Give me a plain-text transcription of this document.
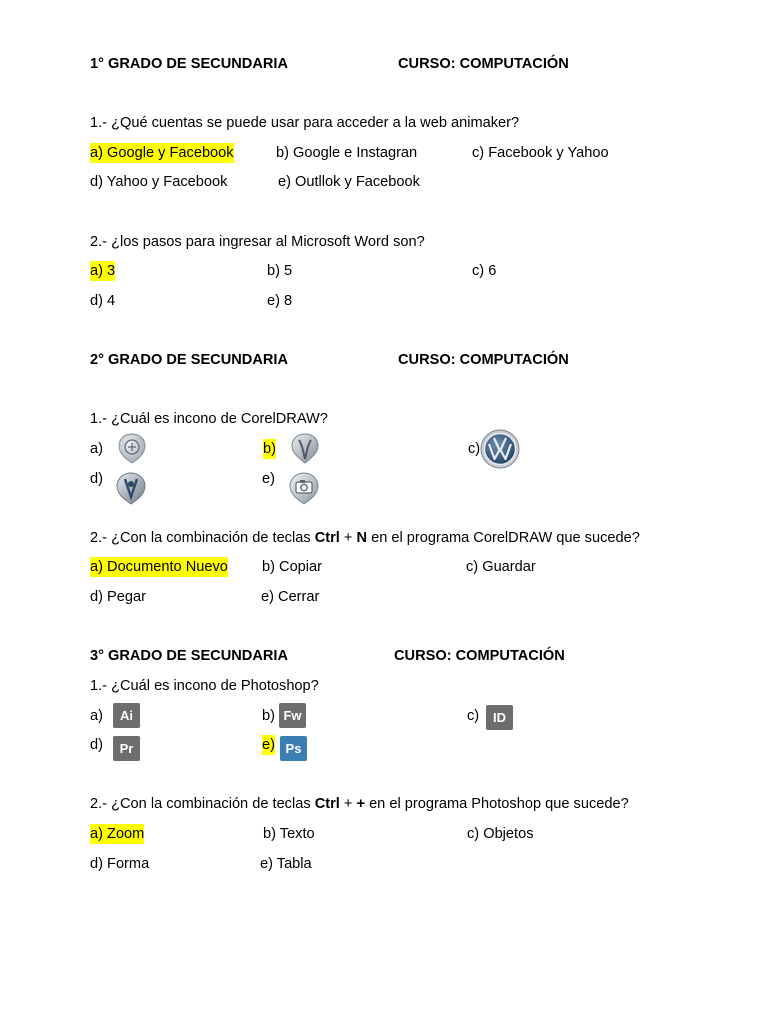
1° GRADO DE SECUNDARIA	CURSO: COMPUTACIÓN
1.- ¿Qué cuentas se puede usar para acceder a la web animaker?
a) Google y Facebook	b) Google e Instagran	c) Facebook y Yahoo
d) Yahoo y Facebook	e) Outllok y Facebook
2.- ¿los pasos para ingresar al Microsoft Word son?
a) 3	b) 5	c) 6
d) 4	e) 8
2° GRADO DE SECUNDARIA	CURSO: COMPUTACIÓN
1.- ¿Cuál es incono de CorelDRAW?
a)	b)	c)
d)	e)
2.- ¿Con la combinación de teclas Ctrl + N en el programa CorelDRAW que sucede?
a) Documento Nuevo b) Copiar	c) Guardar
d) Pegar	e) Cerrar
3° GRADO DE SECUNDARIA	CURSO: COMPUTACIÓN
1.- ¿Cuál es incono de Photoshop?
a)	Ai	b) Fw	c)	ID
d)	Pr	e) Ps
2.- ¿Con la combinación de teclas Ctrl + + en el programa Photoshop que sucede?
a) Zoom	b) Texto	c) Objetos
d) Forma	e) Tabla
